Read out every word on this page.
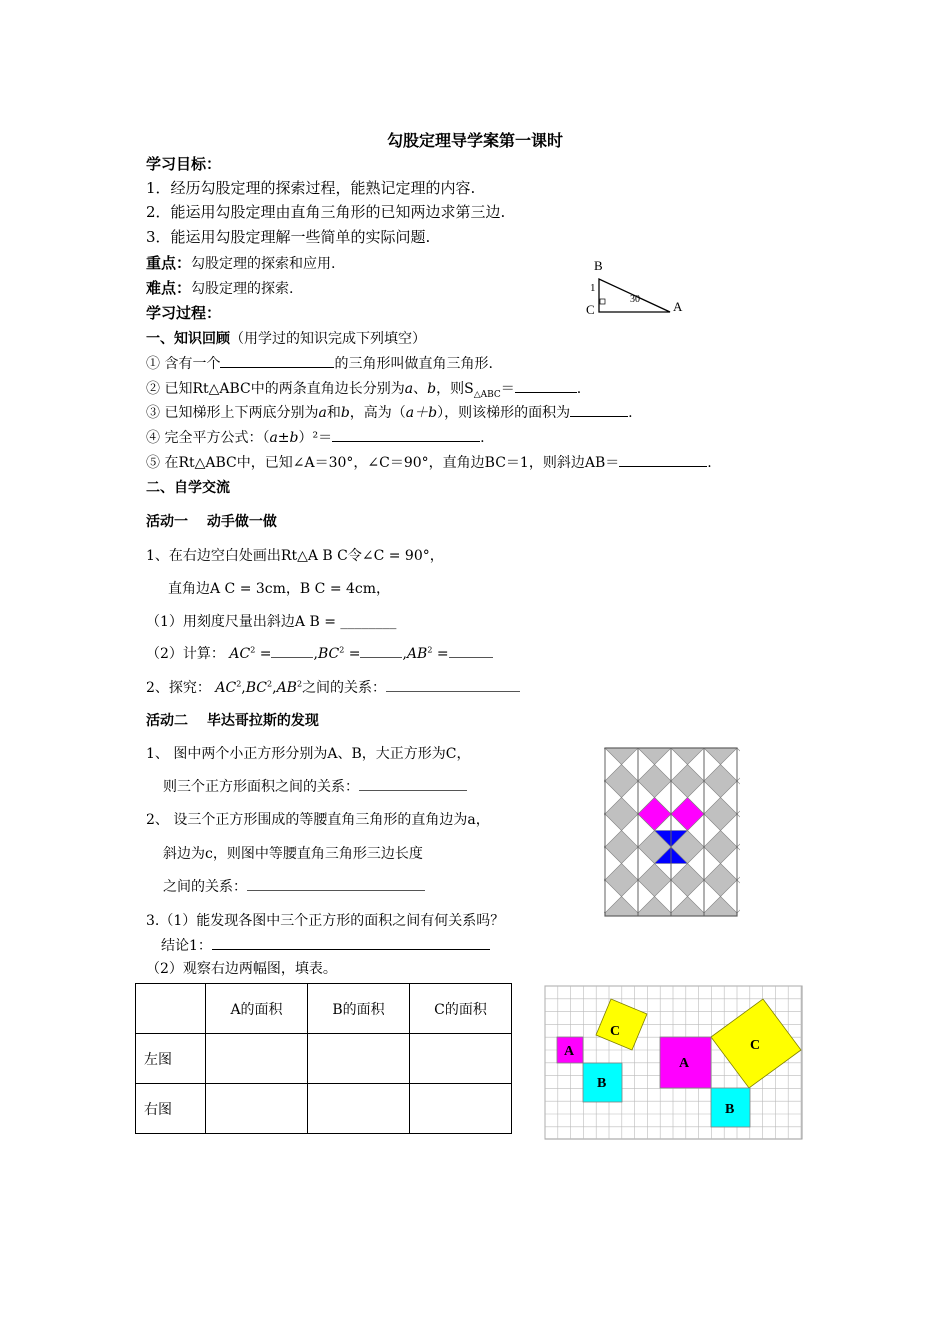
勾股定理导学案第一课时
学习目标：
1．经历勾股定理的探索过程，能熟记定理的内容.
2．能运用勾股定理由直角三角形的已知两边求第三边.
3．能运用勾股定理解一些简单的实际问题.
重点：勾股定理的探索和应用.
难点：勾股定理的探索.
学习过程：
B
C	A
1
30
一、知识回顾（用学过的知识完成下列填空）
① 含有一个	的三角形叫做直角三角形.
② 已知Rt△ABC中的两条直角边长分别为a、b，则$S_{\triangle ABC}=$	.
③ 已知梯形上下两底分别为a和b，高为（a＋b），则该梯形的面积为	.
④ 完全平方公式：（a±b）²＝	.
⑤ 在Rt△ABC中，已知∠A＝30°，∠C＝90°，直角边BC＝1，则斜边AB＝	.
二、自学交流
活动一　 动手做一做
1、在右边空白处画出Rt△A B C令∠C = 90°，
直角边A C = 3cm，B C = 4cm，
（1）用刻度尺量出斜边A B = ________
（2）计算： $AC^2$ =	$,BC^2$ =	$,AB^2$ =
2、探究： $AC^2,BC^2,AB^2$之间的关系：
活动二　 毕达哥拉斯的发现
1、 图中两个小正方形分别为A、B，大正方形为C，
则三个正方形面积之间的关系：
2、 设三个正方形围成的等腰直角三角形的直角边为a，
斜边为c，则图中等腰直角三角形三边长度
之间的关系：
3.（1）能发现各图中三个正方形的面积之间有何关系吗？
结论1：
（2）观察右边两幅图，填表。
	A的面积	B的面积	C的面积
左图			
右图			
A
B
C
A
B
C
